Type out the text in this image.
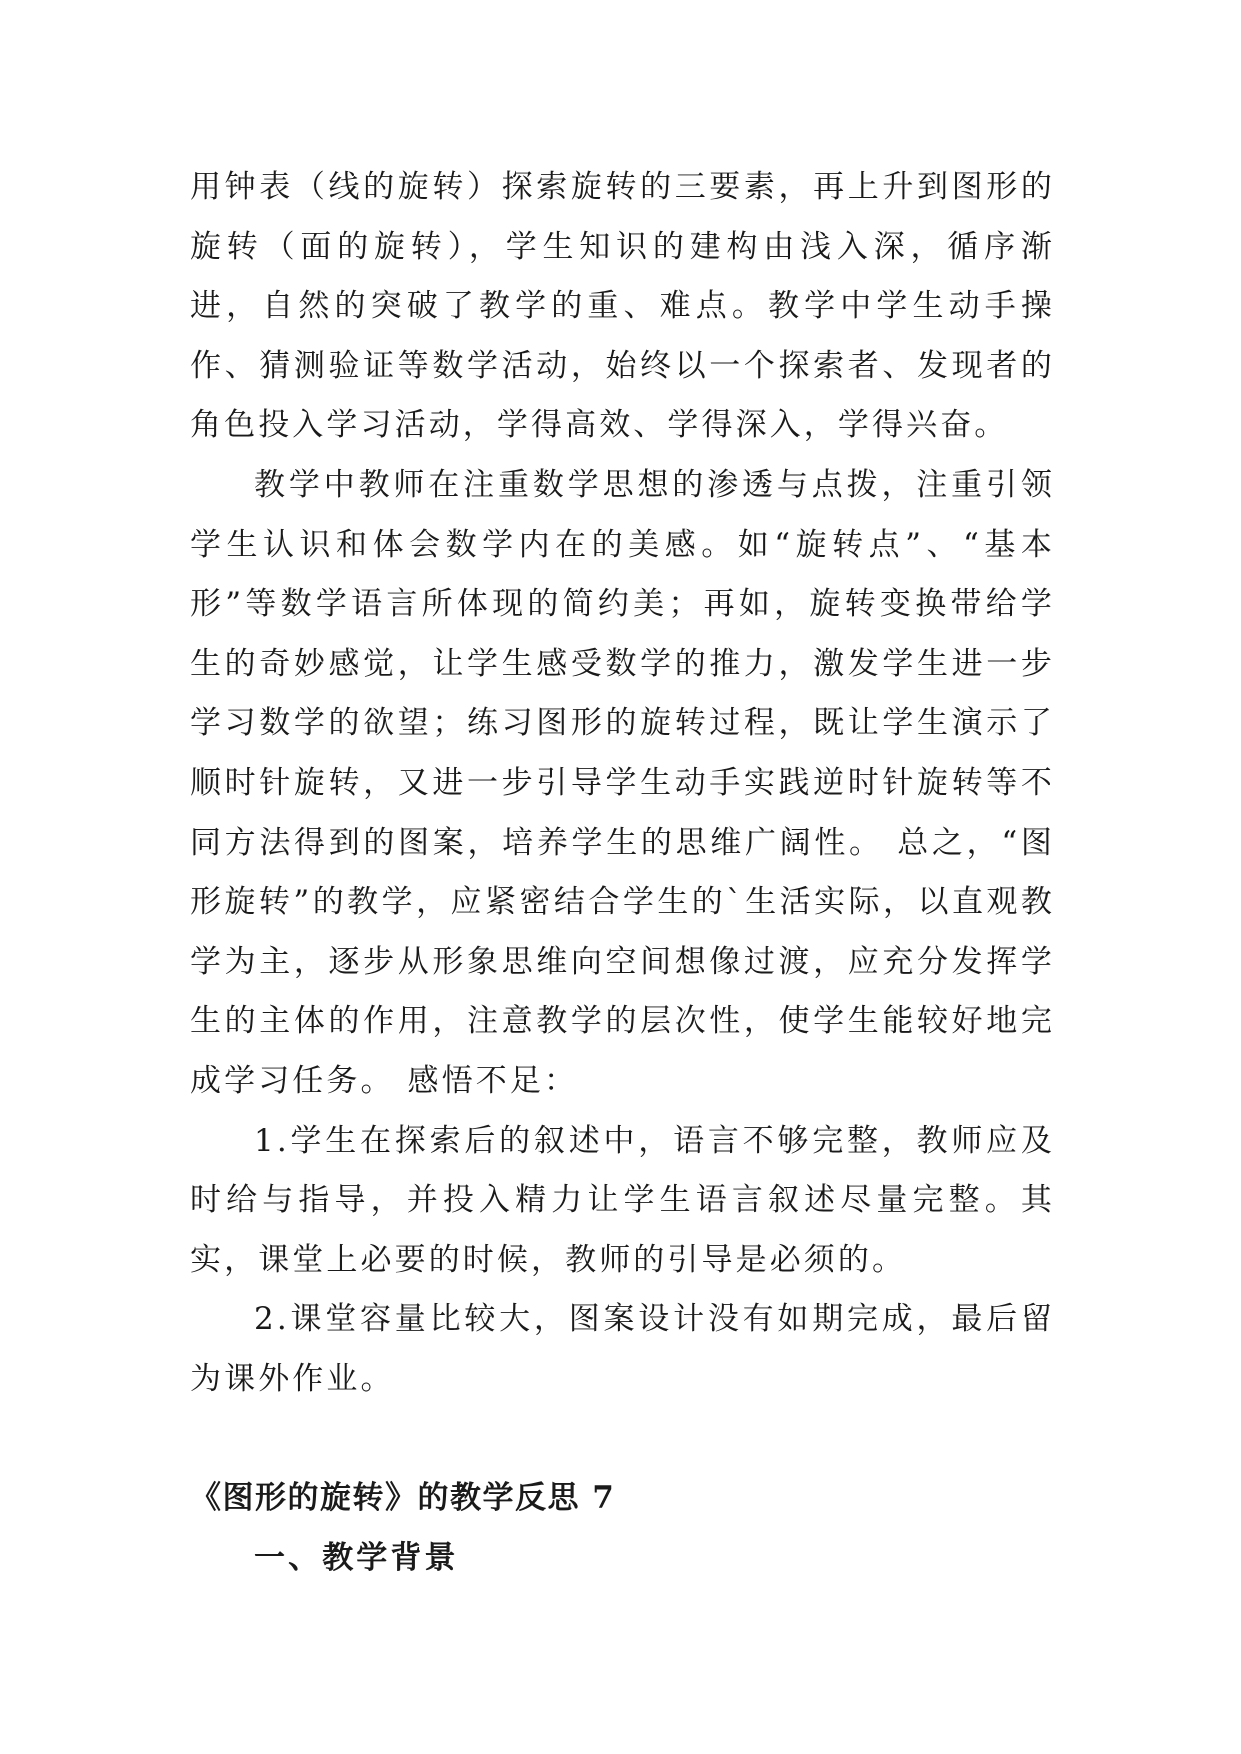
用钟表（线的旋转）探索旋转的三要素，再上升到图形的旋转（面的旋转），学生知识的建构由浅入深，循序渐进，自然的突破了教学的重、难点。教学中学生动手操作、猜测验证等数学活动，始终以一个探索者、发现者的角色投入学习活动，学得高效、学得深入，学得兴奋。

教学中教师在注重数学思想的渗透与点拨，注重引领学生认识和体会数学内在的美感。如“旋转点”、“基本形”等数学语言所体现的简约美；再如，旋转变换带给学生的奇妙感觉，让学生感受数学的推力，激发学生进一步学习数学的欲望；练习图形的旋转过程，既让学生演示了顺时针旋转，又进一步引导学生动手实践逆时针旋转等不同方法得到的图案，培养学生的思维广阔性。 总之，“图形旋转”的教学，应紧密结合学生的`生活实际，以直观教学为主，逐步从形象思维向空间想像过渡，应充分发挥学生的主体的作用，注意教学的层次性，使学生能较好地完成学习任务。 感悟不足：

1.学生在探索后的叙述中，语言不够完整，教师应及时给与指导，并投入精力让学生语言叙述尽量完整。其实，课堂上必要的时候，教师的引导是必须的。

2.课堂容量比较大，图案设计没有如期完成，最后留为课外作业。

《图形的旋转》的教学反思 7
一、教学背景
